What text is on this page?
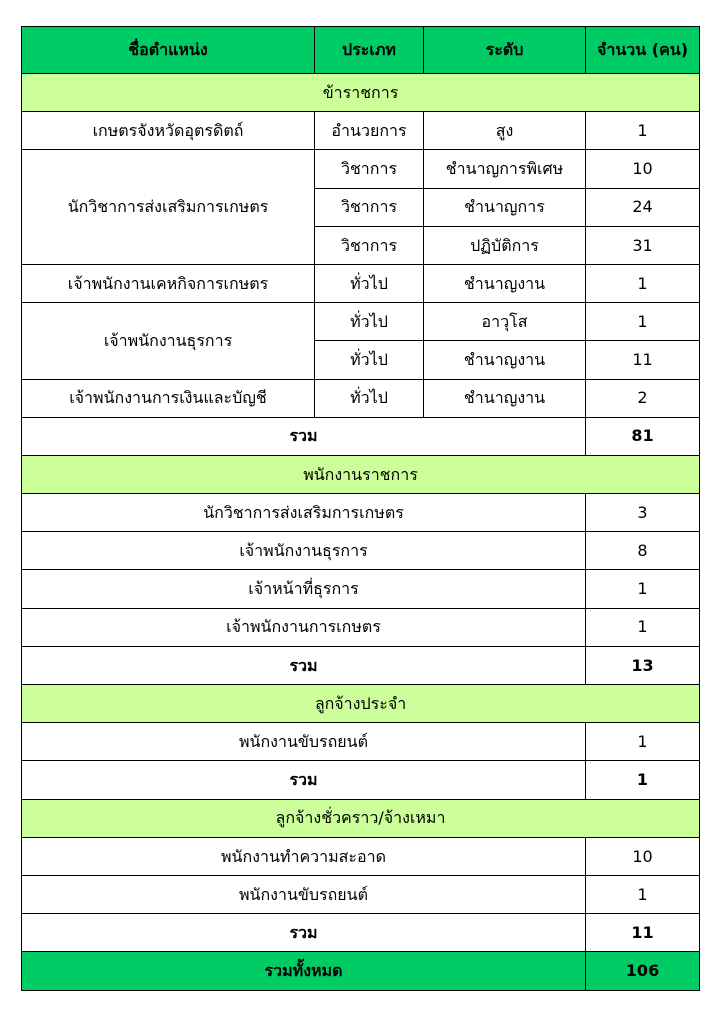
ชื่อตำแหน่ง	ประเภท	ระดับ	จำนวน (คน)
ข้าราชการ			
เกษตรจังหวัดอุตรดิตถ์	อำนวยการ	สูง	1
นักวิชาการส่งเสริมการเกษตร	วิชาการ	ชำนาญการพิเศษ	10
	วิชาการ	ชำนาญการ	24
	วิชาการ	ปฏิบัติการ	31
เจ้าพนักงานเคหกิจการเกษตร	ทั่วไป	ชำนาญงาน	1
เจ้าพนักงานธุรการ	ทั่วไป	อาวุโส	1
	ทั่วไป	ชำนาญงาน	11
เจ้าพนักงานการเงินและบัญชี	ทั่วไป	ชำนาญงาน	2
รวม			81
พนักงานราชการ			
นักวิชาการส่งเสริมการเกษตร			3
เจ้าพนักงานธุรการ			8
เจ้าหน้าที่ธุรการ			1
เจ้าพนักงานการเกษตร			1
รวม			13
ลูกจ้างประจำ			
พนักงานขับรถยนต์			1
รวม			1
ลูกจ้างชั่วคราว/จ้างเหมา			
พนักงานทำความสะอาด			10
พนักงานขับรถยนต์			1
รวม			11
รวมทั้งหมด			106
